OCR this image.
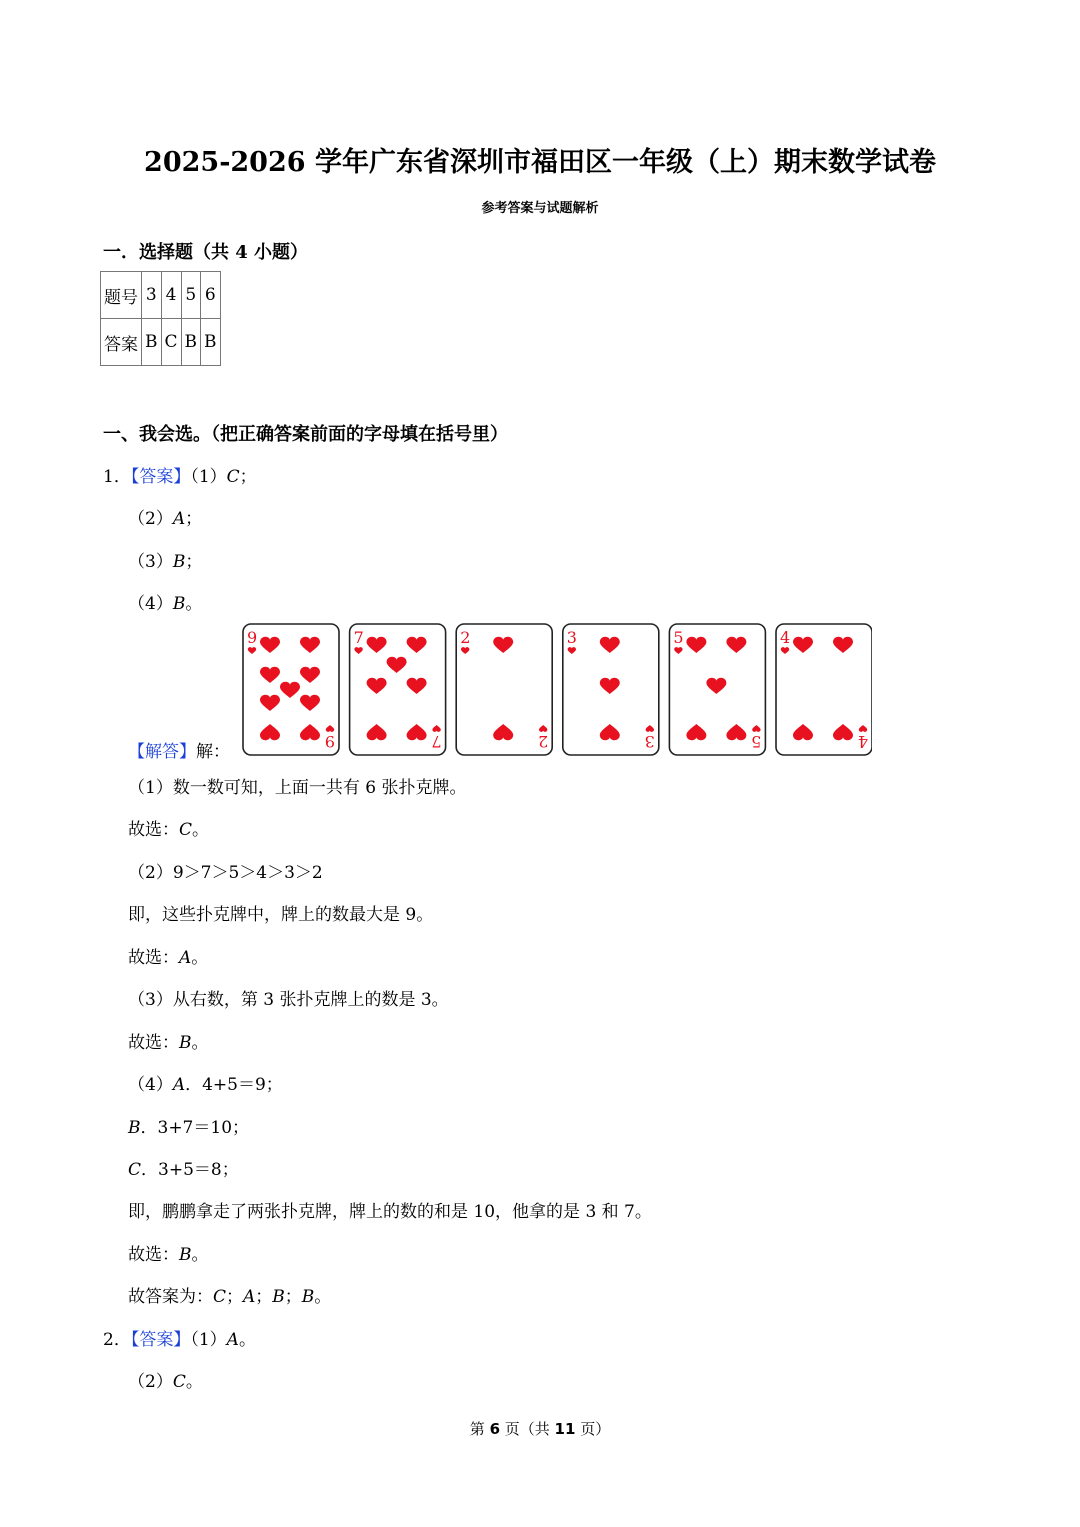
2025-2026 学年广东省深圳市福田区一年级（上）期末数学试卷
参考答案与试题解析
一．选择题（共 4 小题）
题号	3	4	5	6
答案	B	C	B	B
一、我会选。（把正确答案前面的字母填在括号里）
1．【答案】（1）C；
（2）A；
（3）B；
（4）B。
9
9
7
7
2
2
3
3
5
5
4
4
【解答】解：
（1）数一数可知，上面一共有 6 张扑克牌。
故选：C。
（2）9＞7＞5＞4＞3＞2
即，这些扑克牌中，牌上的数最大是 9。
故选：A。
（3）从右数，第 3 张扑克牌上的数是 3。
故选：B。
（4）A．4+5＝9；
B．3+7＝10；
C．3+5＝8；
即，鹏鹏拿走了两张扑克牌，牌上的数的和是 10，他拿的是 3 和 7。
故选：B。
故答案为：C；A；B；B。
2．【答案】（1）A。
（2）C。
第 6 页（共 11 页）
